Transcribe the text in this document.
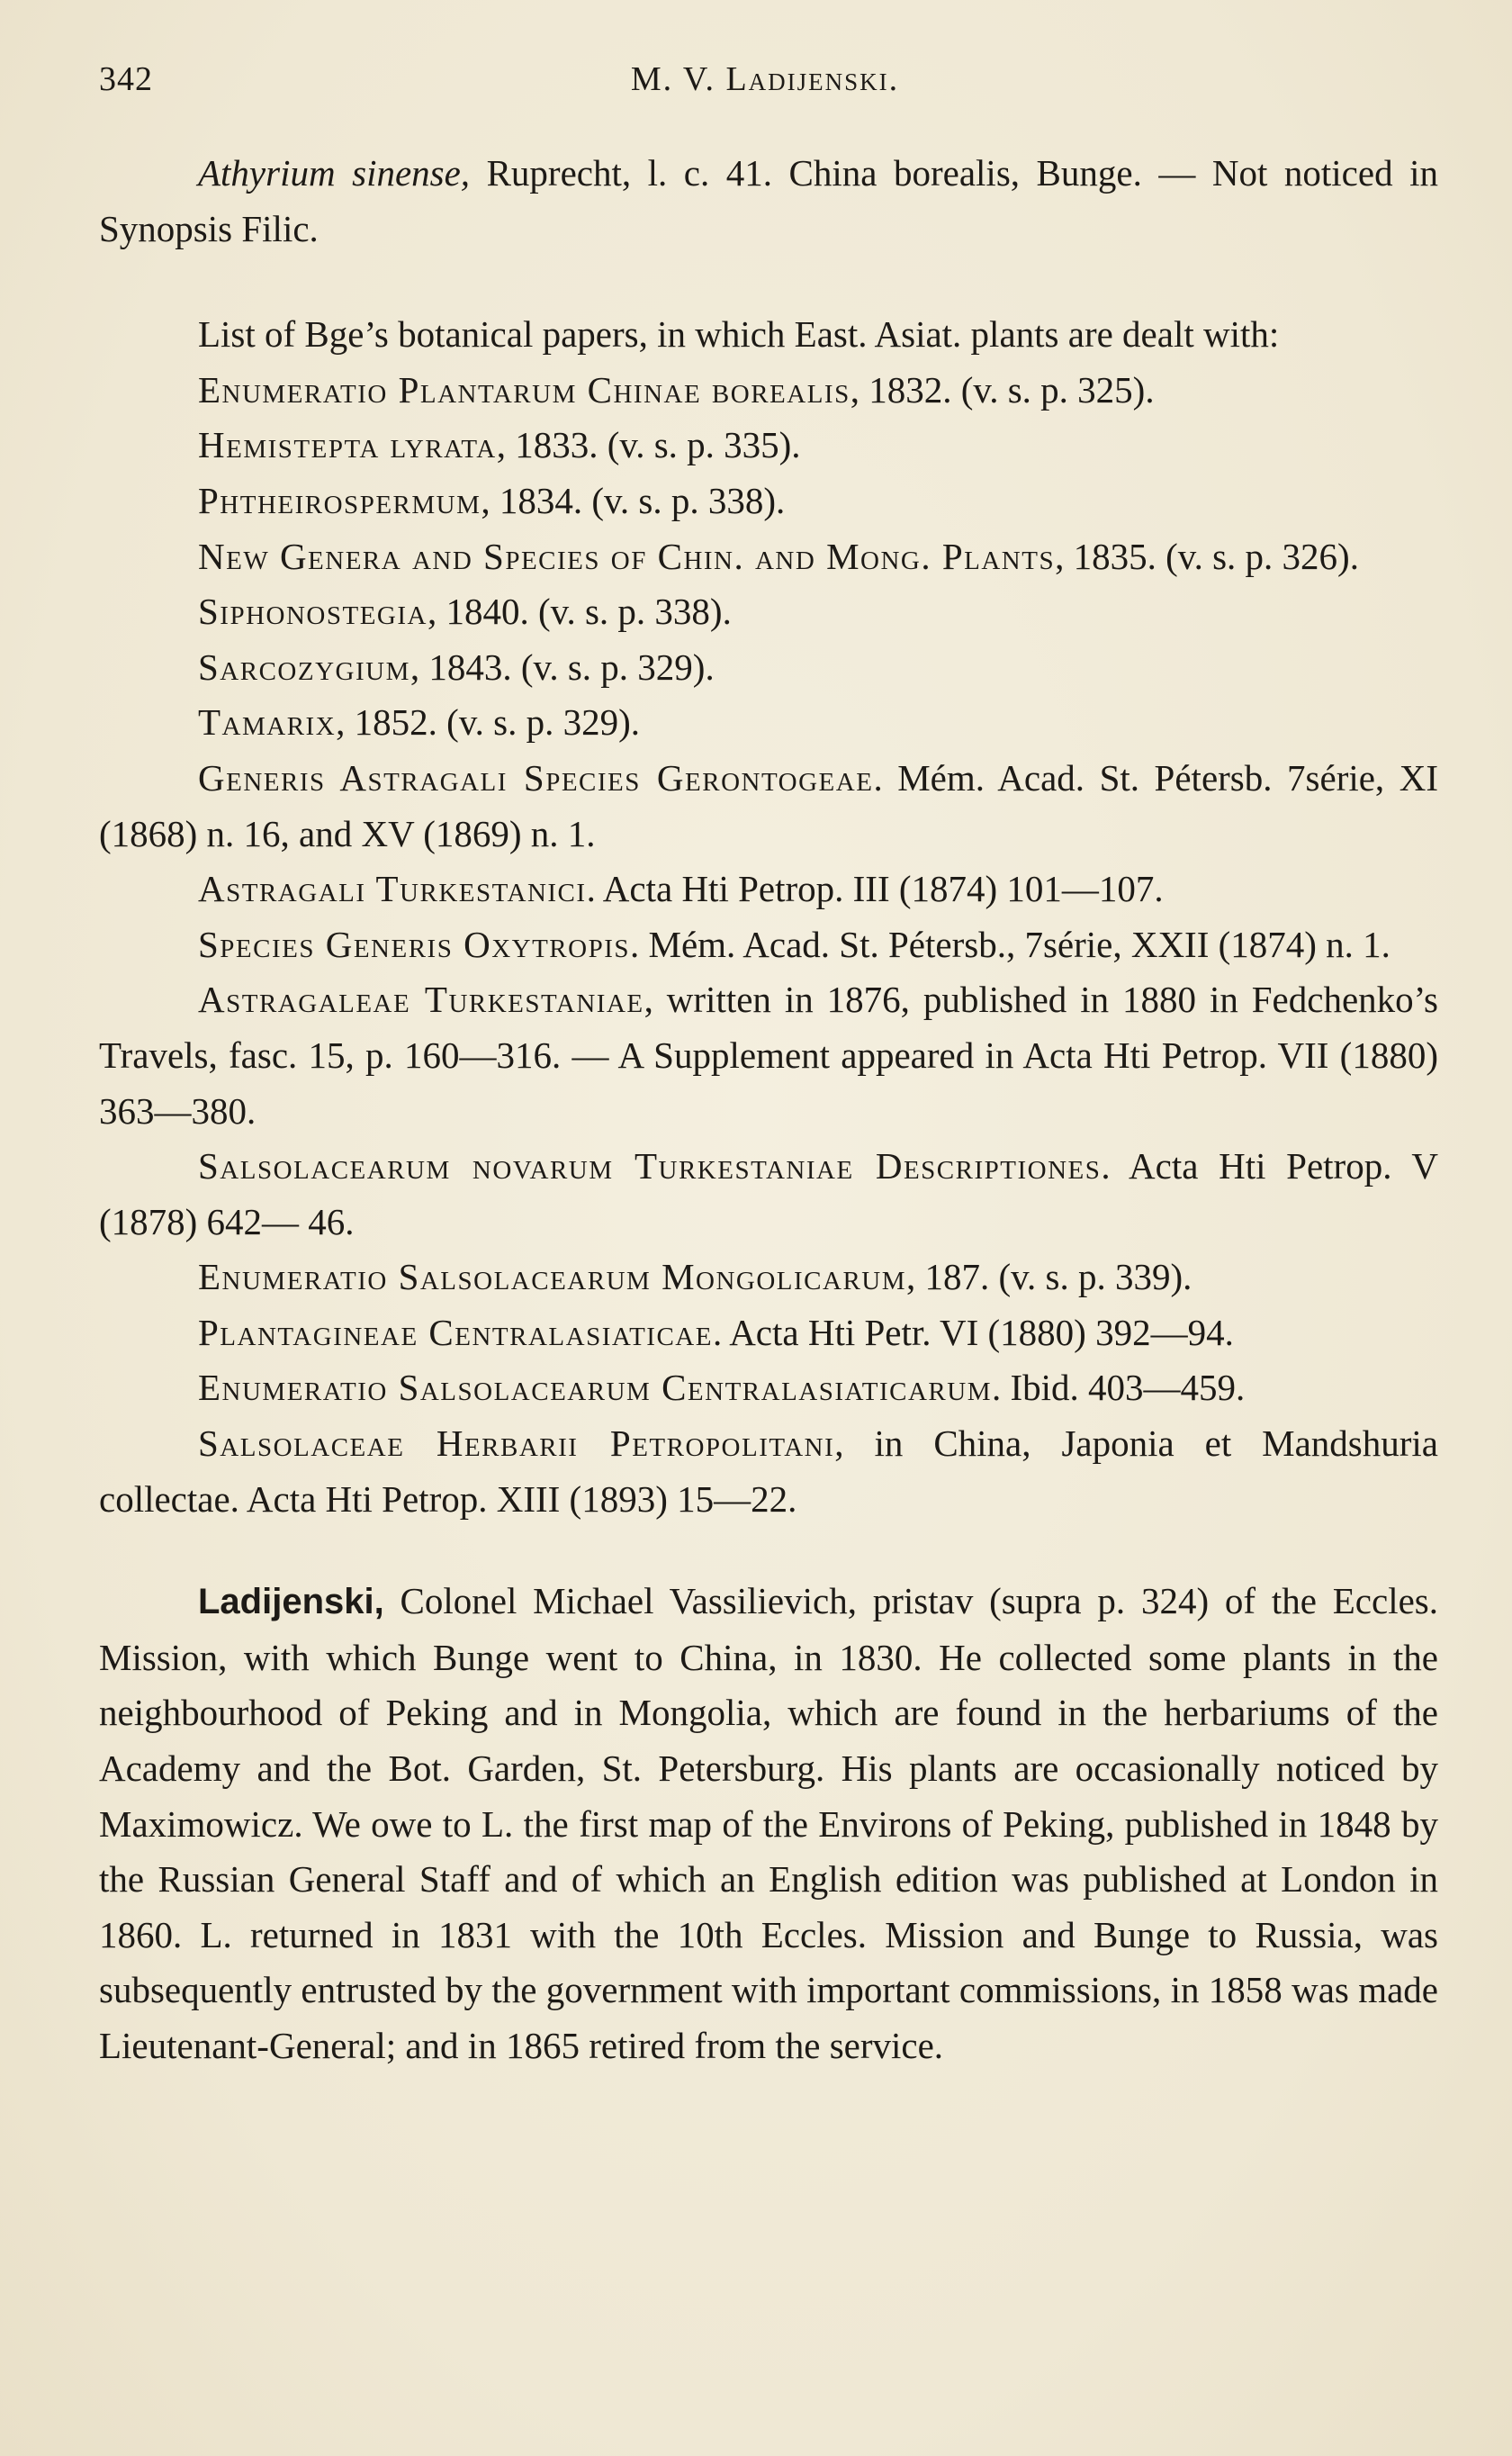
342	M. V. Ladijenski.

Athyrium sinense, Ruprecht, l. c. 41. China borealis, Bunge. — Not noticed in Synopsis Filic.

List of Bge’s botanical papers, in which East. Asiat. plants are dealt with:

Enumeratio Plantarum Chinae borealis, 1832. (v. s. p. 325).

Hemistepta lyrata, 1833. (v. s. p. 335).

Phtheirospermum, 1834. (v. s. p. 338).

New Genera and Species of Chin. and Mong. Plants, 1835. (v. s. p. 326).

Siphonostegia, 1840. (v. s. p. 338).

Sarcozygium, 1843. (v. s. p. 329).

Tamarix, 1852. (v. s. p. 329).

Generis Astragali Species Gerontogeae. Mém. Acad. St. Pétersb. 7série, XI (1868) n. 16, and XV (1869) n. 1.

Astragali Turkestanici. Acta Hti Petrop. III (1874) 101—107.

Species Generis Oxytropis. Mém. Acad. St. Pétersb., 7série, XXII (1874) n. 1.

Astragaleae Turkestaniae, written in 1876, published in 1880 in Fedchenko’s Travels, fasc. 15, p. 160—316. — A Supplement appeared in Acta Hti Petrop. VII (1880) 363—380.

Salsolacearum novarum Turkestaniae Descriptiones. Acta Hti Petrop. V (1878) 642— 46.

Enumeratio Salsolacearum Mongolicarum, 187. (v. s. p. 339).

Plantagineae Centralasiaticae. Acta Hti Petr. VI (1880) 392—94.

Enumeratio Salsolacearum Centralasiaticarum. Ibid. 403—459.

Salsolaceae Herbarii Petropolitani, in China, Japonia et Mandshuria collectae. Acta Hti Petrop. XIII (1893) 15—22.

Ladijenski, Colonel Michael Vassilievich, pristav (supra p. 324) of the Eccles. Mission, with which Bunge went to China, in 1830. He collected some plants in the neighbourhood of Peking and in Mongolia, which are found in the herbariums of the Academy and the Bot. Garden, St. Petersburg. His plants are occasionally noticed by Maximowicz. We owe to L. the first map of the Environs of Peking, published in 1848 by the Russian General Staff and of which an English edition was published at London in 1860. L. returned in 1831 with the 10th Eccles. Mission and Bunge to Russia, was subsequently entrusted by the government with important commissions, in 1858 was made Lieutenant-General; and in 1865 retired from the service.
